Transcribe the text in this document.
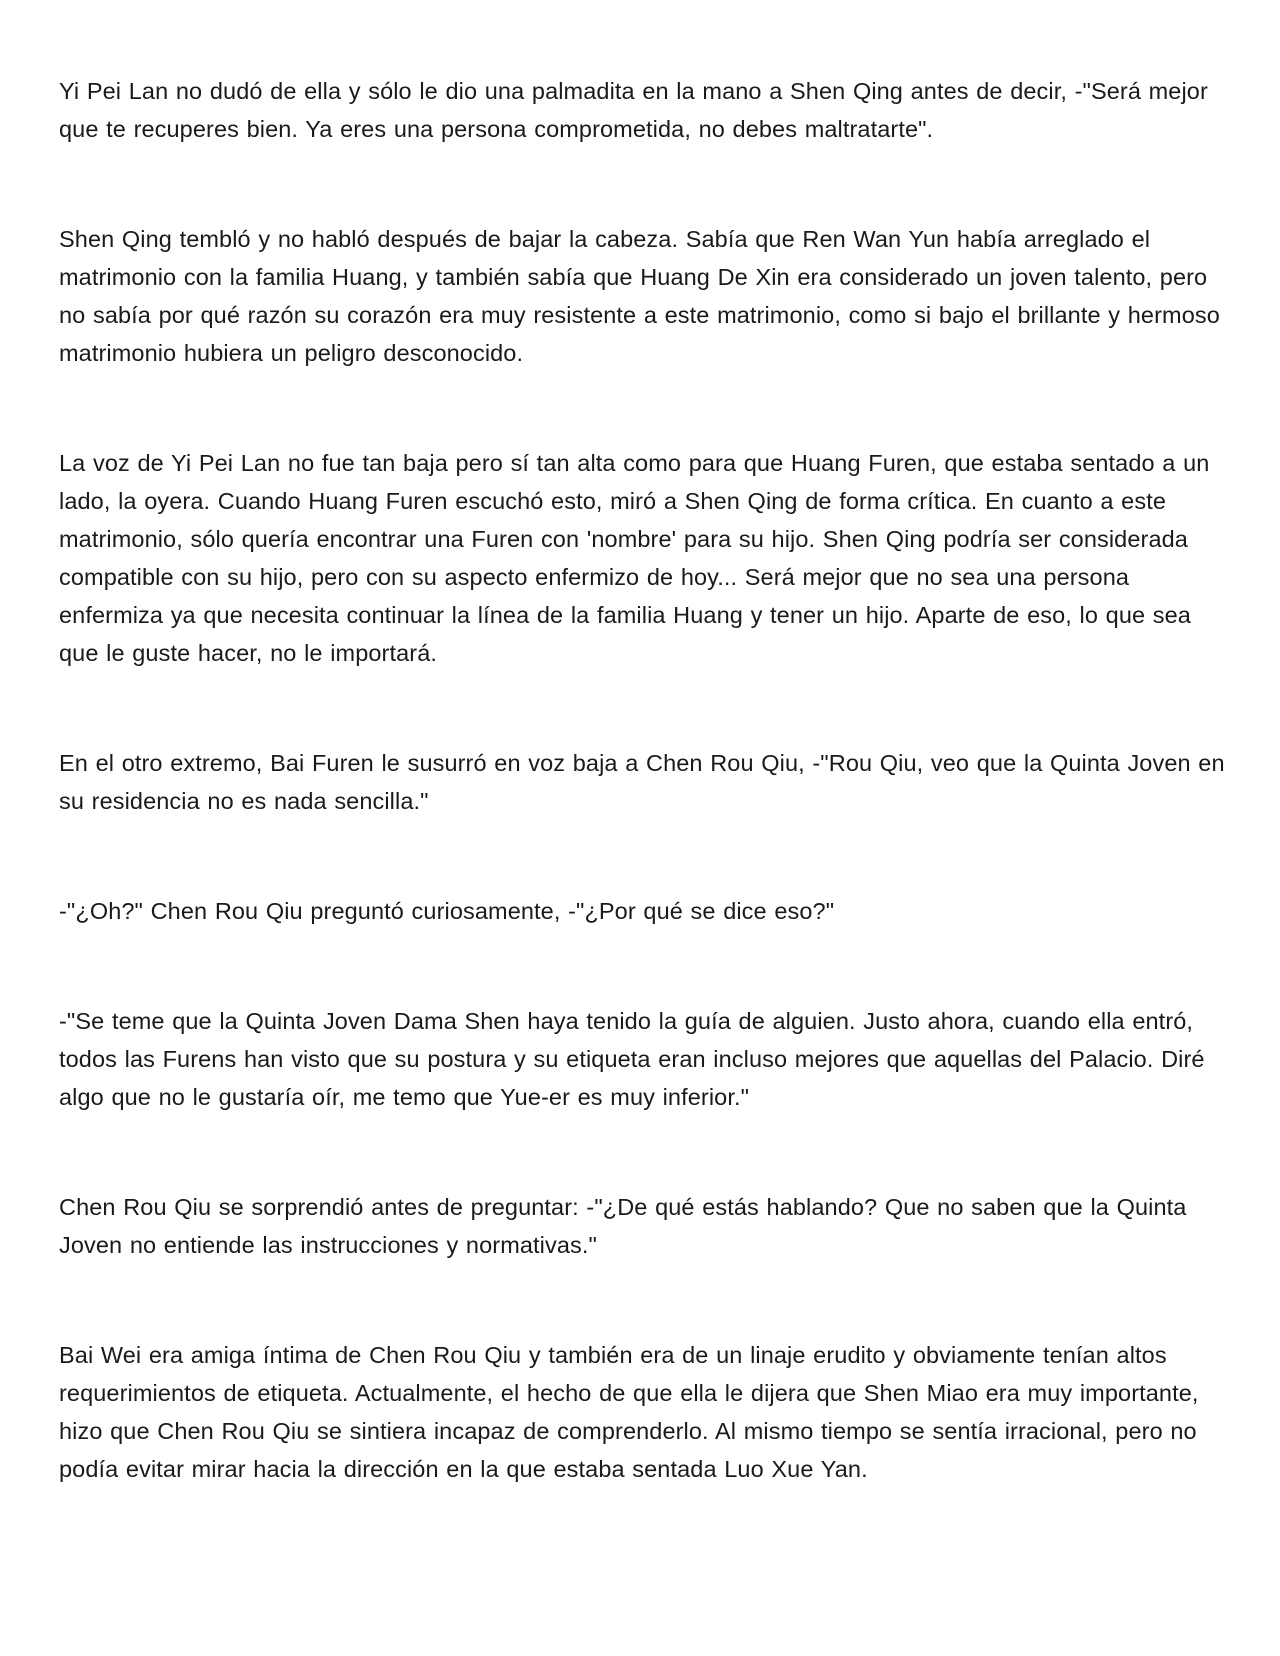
Yi Pei Lan no dudó de ella y sólo le dio una palmadita en la mano a Shen Qing antes de decir, -"Será mejor que te recuperes bien. Ya eres una persona comprometida, no debes maltratarte".

Shen Qing tembló y no habló después de bajar la cabeza. Sabía que Ren Wan Yun había arreglado el matrimonio con la familia Huang, y también sabía que Huang De Xin era considerado un joven talento, pero no sabía por qué razón su corazón era muy resistente a este matrimonio, como si bajo el brillante y hermoso matrimonio hubiera un peligro desconocido.

La voz de Yi Pei Lan no fue tan baja pero sí tan alta como para que Huang Furen, que estaba sentado a un lado, la oyera. Cuando Huang Furen escuchó esto, miró a Shen Qing de forma crítica. En cuanto a este matrimonio, sólo quería encontrar una Furen con 'nombre' para su hijo. Shen Qing podría ser considerada compatible con su hijo, pero con su aspecto enfermizo de hoy... Será mejor que no sea una persona enfermiza ya que necesita continuar la línea de la familia Huang y tener un hijo. Aparte de eso, lo que sea que le guste hacer, no le importará.

En el otro extremo, Bai Furen le susurró en voz baja a Chen Rou Qiu, -"Rou Qiu, veo que la Quinta Joven en su residencia no es nada sencilla."

-"¿Oh?" Chen Rou Qiu preguntó curiosamente, -"¿Por qué se dice eso?"

-"Se teme que la Quinta Joven Dama Shen haya tenido la guía de alguien. Justo ahora, cuando ella entró, todos las Furens han visto que su postura y su etiqueta eran incluso mejores que aquellas del Palacio. Diré algo que no le gustaría oír, me temo que Yue-er es muy inferior."

Chen Rou Qiu se sorprendió antes de preguntar: -"¿De qué estás hablando? Que no saben que la Quinta Joven no entiende las instrucciones y normativas."

Bai Wei era amiga íntima de Chen Rou Qiu y también era de un linaje erudito y obviamente tenían altos requerimientos de etiqueta. Actualmente, el hecho de que ella le dijera que Shen Miao era muy importante, hizo que Chen Rou Qiu se sintiera incapaz de comprenderlo. Al mismo tiempo se sentía irracional, pero no podía evitar mirar hacia la dirección en la que estaba sentada Luo Xue Yan.
